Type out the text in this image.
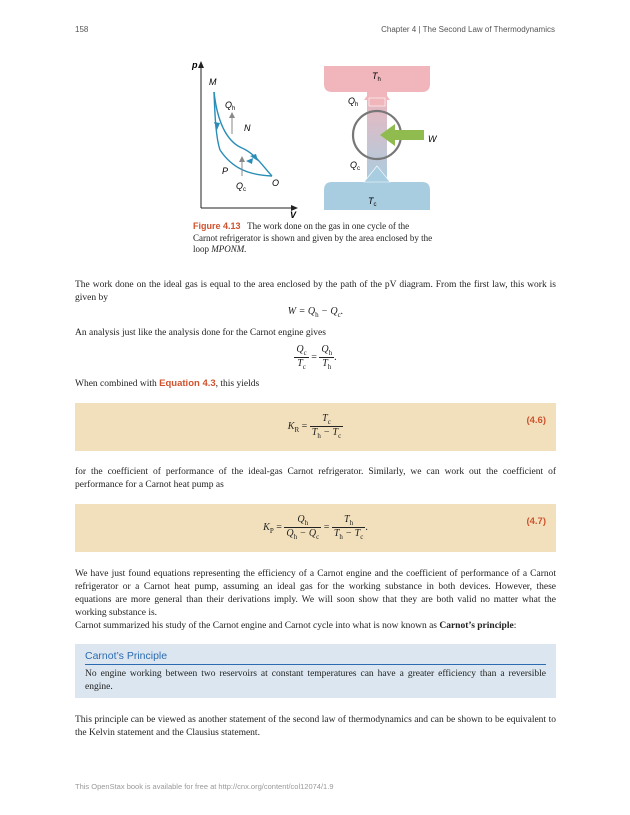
158	Chapter 4 | The Second Law of Thermodynamics
p
V
M
N
O
P
$Q_h$
$Q_c$
$T_h$
$T_c$
W
$Q_h$
$Q_c$
Figure 4.13 The work done on the gas in one cycle of the Carnot refrigerator is shown and given by the area enclosed by the loop MPONM.
The work done on the ideal gas is equal to the area enclosed by the path of the pV diagram. From the first law, this work is given by
$W = Q_h - Q_c$.
An analysis just like the analysis done for the Carnot engine gives
$\frac{Q_c}{T_c} = \frac{Q_h}{T_h}$ .
When combined with Equation 4.3, this yields
(4.6)
$K_R = \frac{T_c}{T_h - T_c}$
for the coefficient of performance of the ideal-gas Carnot refrigerator. Similarly, we can work out the coefficient of performance for a Carnot heat pump as
(4.7)
$K_P = \frac{Q_h}{Q_h - Q_c} = \frac{T_h}{T_h - T_c}$ .
We have just found equations representing the efficiency of a Carnot engine and the coefficient of performance of a Carnot refrigerator or a Carnot heat pump, assuming an ideal gas for the working substance in both devices. However, these equations are more general than their derivations imply. We will soon show that they are both valid no matter what the working substance is.
Carnot summarized his study of the Carnot engine and Carnot cycle into what is now known as Carnot’s principle:
Carnot’s Principle
No engine working between two reservoirs at constant temperatures can have a greater efficiency than a reversible engine.
This principle can be viewed as another statement of the second law of thermodynamics and can be shown to be equivalent to the Kelvin statement and the Clausius statement.
This OpenStax book is available for free at http://cnx.org/content/col12074/1.9
